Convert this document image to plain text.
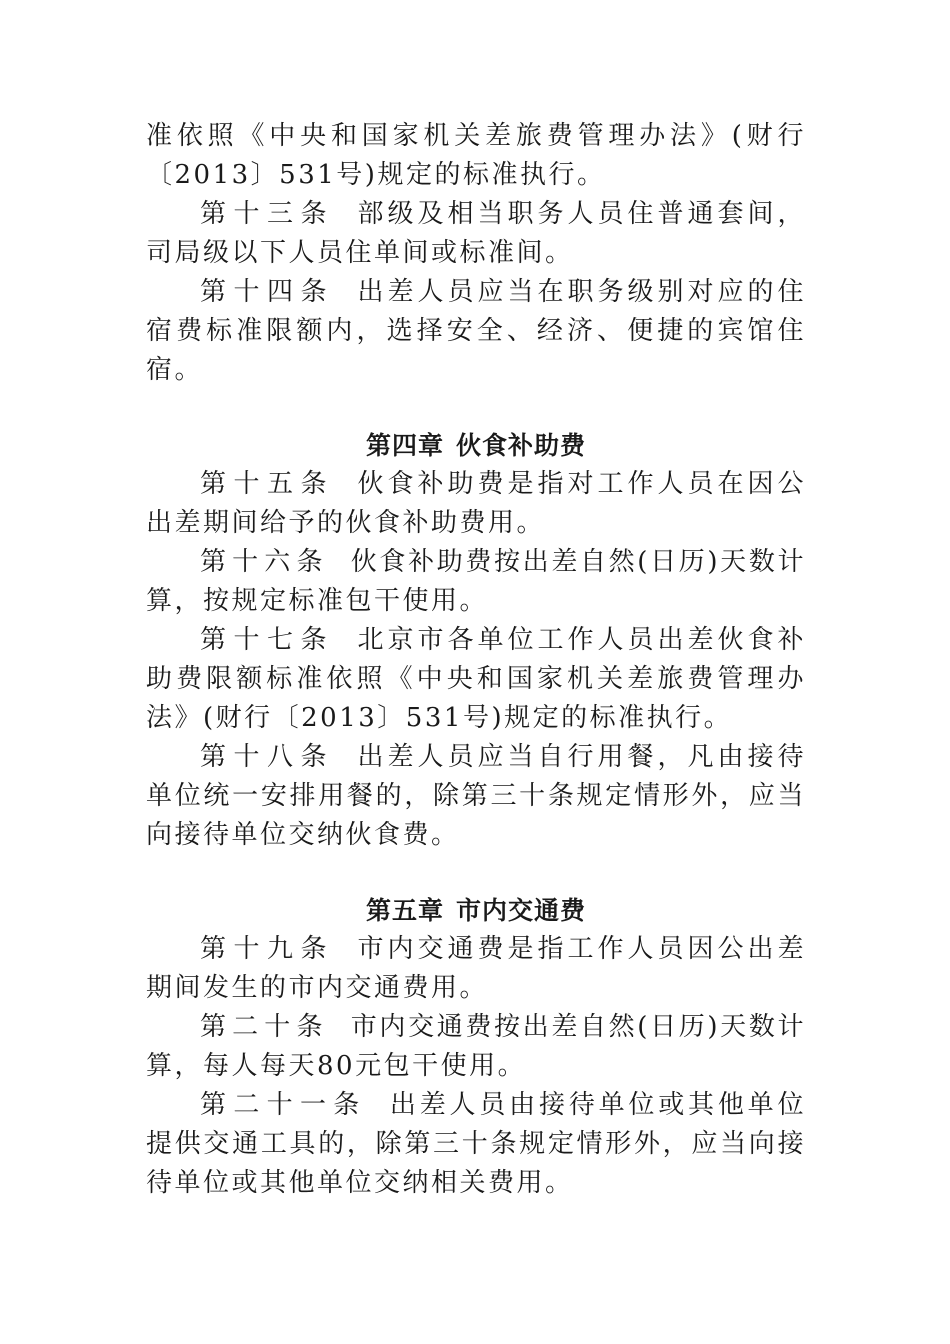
准依照《中央和国家机关差旅费管理办法》(财行〔2013〕531号)规定的标准执行。

第十三条 部级及相当职务人员住普通套间，司局级以下人员住单间或标准间。

第十四条 出差人员应当在职务级别对应的住宿费标准限额内，选择安全、经济、便捷的宾馆住宿。

第四章 伙食补助费

第十五条 伙食补助费是指对工作人员在因公出差期间给予的伙食补助费用。

第十六条 伙食补助费按出差自然(日历)天数计算，按规定标准包干使用。

第十七条 北京市各单位工作人员出差伙食补助费限额标准依照《中央和国家机关差旅费管理办法》(财行〔2013〕531号)规定的标准执行。

第十八条 出差人员应当自行用餐，凡由接待单位统一安排用餐的，除第三十条规定情形外，应当向接待单位交纳伙食费。

第五章 市内交通费

第十九条 市内交通费是指工作人员因公出差期间发生的市内交通费用。

第二十条 市内交通费按出差自然(日历)天数计算，每人每天80元包干使用。

第二十一条 出差人员由接待单位或其他单位提供交通工具的，除第三十条规定情形外，应当向接待单位或其他单位交纳相关费用。
